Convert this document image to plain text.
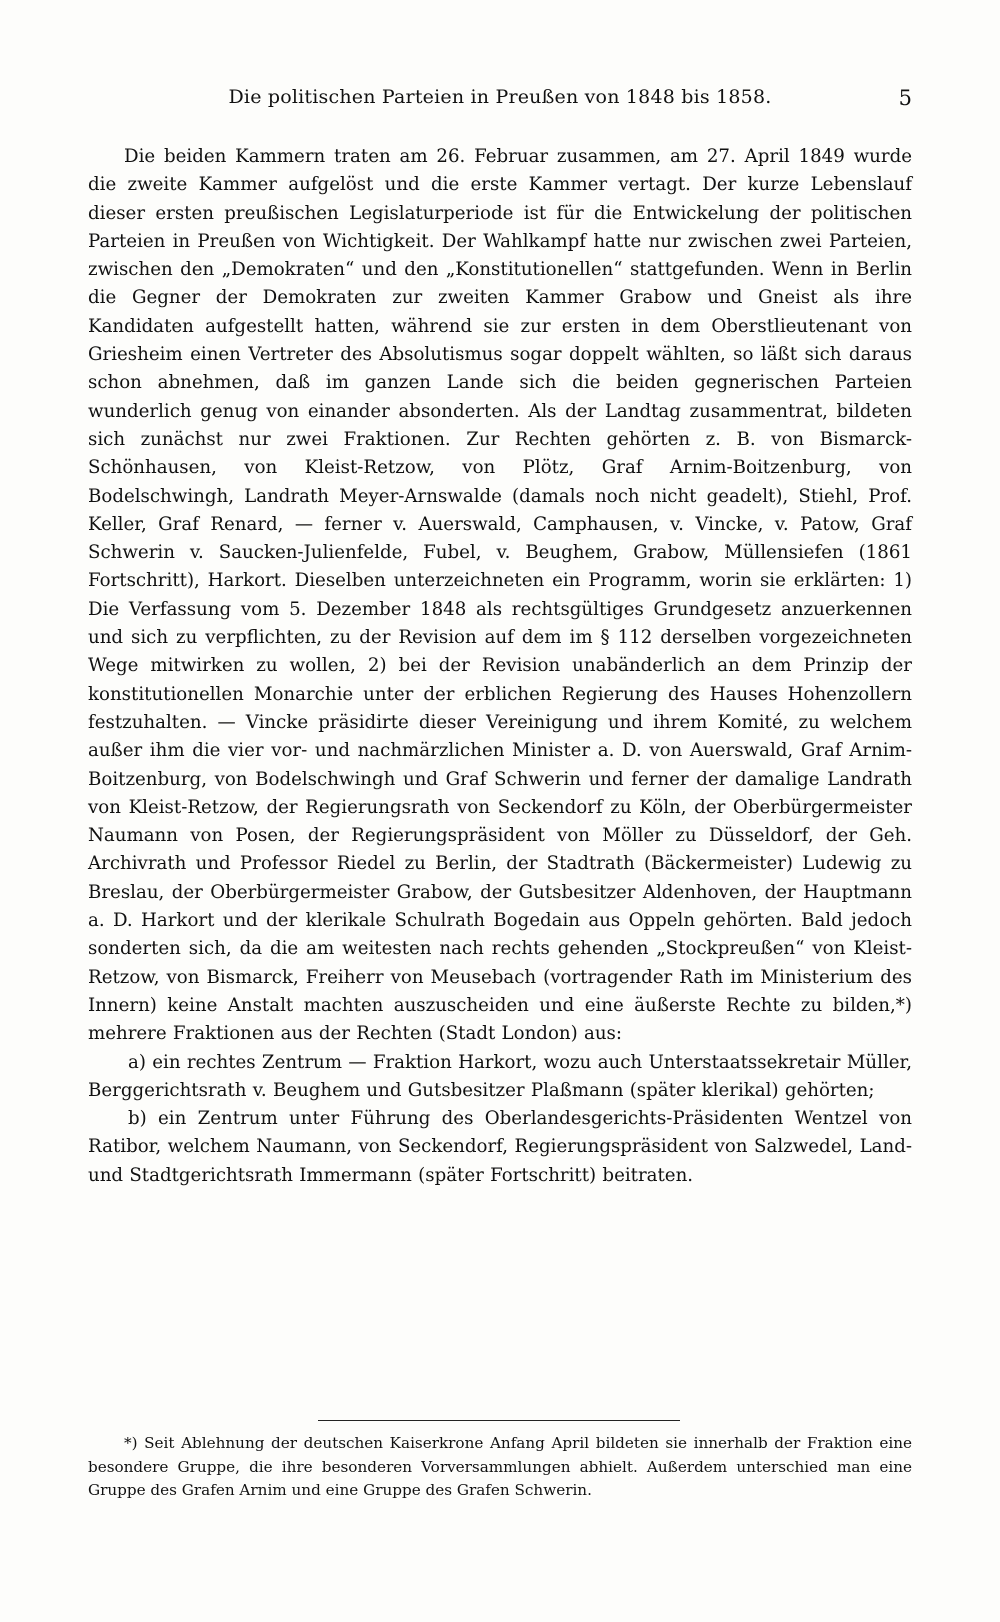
Die politischen Parteien in Preußen von 1848 bis 1858.	5

Die beiden Kammern traten am 26. Februar zusammen, am 27. April 1849 wurde die zweite Kammer aufgelöst und die erste Kammer vertagt. Der kurze Lebenslauf dieser ersten preußischen Legislaturperiode ist für die Entwickelung der politischen Parteien in Preußen von Wichtigkeit. Der Wahlkampf hatte nur zwischen zwei Parteien, zwischen den „Demokraten“ und den „Konstitutionellen“ stattgefunden. Wenn in Berlin die Gegner der Demokraten zur zweiten Kammer Grabow und Gneist als ihre Kandidaten aufgestellt hatten, während sie zur ersten in dem Oberstlieutenant von Griesheim einen Vertreter des Absolutismus sogar doppelt wählten, so läßt sich daraus schon abnehmen, daß im ganzen Lande sich die beiden gegnerischen Parteien wunderlich genug von einander absonderten. Als der Landtag zusammentrat, bildeten sich zunächst nur zwei Fraktionen. Zur Rechten gehörten z. B. von Bismarck-Schönhausen, von Kleist-Retzow, von Plötz, Graf Arnim-Boitzenburg, von Bodelschwingh, Landrath Meyer-Arnswalde (damals noch nicht geadelt), Stiehl, Prof. Keller, Graf Renard, — ferner v. Auerswald, Camphausen, v. Vincke, v. Patow, Graf Schwerin v. Saucken-Julienfelde, Fubel, v. Beughem, Grabow, Müllensiefen (1861 Fortschritt), Harkort. Dieselben unterzeichneten ein Programm, worin sie erklärten: 1) Die Verfassung vom 5. Dezember 1848 als rechtsgültiges Grundgesetz anzuerkennen und sich zu verpflichten, zu der Revision auf dem im § 112 derselben vorgezeichneten Wege mitwirken zu wollen, 2) bei der Revision unabänderlich an dem Prinzip der konstitutionellen Monarchie unter der erblichen Regierung des Hauses Hohenzollern festzuhalten. — Vincke präsidirte dieser Vereinigung und ihrem Komité, zu welchem außer ihm die vier vor- und nachmärzlichen Minister a. D. von Auerswald, Graf Arnim-Boitzenburg, von Bodelschwingh und Graf Schwerin und ferner der damalige Landrath von Kleist-Retzow, der Regierungsrath von Seckendorf zu Köln, der Oberbürgermeister Naumann von Posen, der Regierungspräsident von Möller zu Düsseldorf, der Geh. Archivrath und Professor Riedel zu Berlin, der Stadtrath (Bäckermeister) Ludewig zu Breslau, der Oberbürgermeister Grabow, der Gutsbesitzer Aldenhoven, der Hauptmann a. D. Harkort und der klerikale Schulrath Bogedain aus Oppeln gehörten. Bald jedoch sonderten sich, da die am weitesten nach rechts gehenden „Stockpreußen“ von Kleist-Retzow, von Bismarck, Freiherr von Meusebach (vortragender Rath im Ministerium des Innern) keine Anstalt machten auszuscheiden und eine äußerste Rechte zu bilden,*) mehrere Fraktionen aus der Rechten (Stadt London) aus:

a) ein rechtes Zentrum — Fraktion Harkort, wozu auch Unterstaatssekretair Müller, Berggerichtsrath v. Beughem und Gutsbesitzer Plaßmann (später klerikal) gehörten;

b) ein Zentrum unter Führung des Oberlandesgerichts-Präsidenten Wentzel von Ratibor, welchem Naumann, von Seckendorf, Regierungspräsident von Salzwedel, Land- und Stadtgerichtsrath Immermann (später Fortschritt) beitraten.

*) Seit Ablehnung der deutschen Kaiserkrone Anfang April bildeten sie innerhalb der Fraktion eine besondere Gruppe, die ihre besonderen Vorversammlungen abhielt. Außerdem unterschied man eine Gruppe des Grafen Arnim und eine Gruppe des Grafen Schwerin.
